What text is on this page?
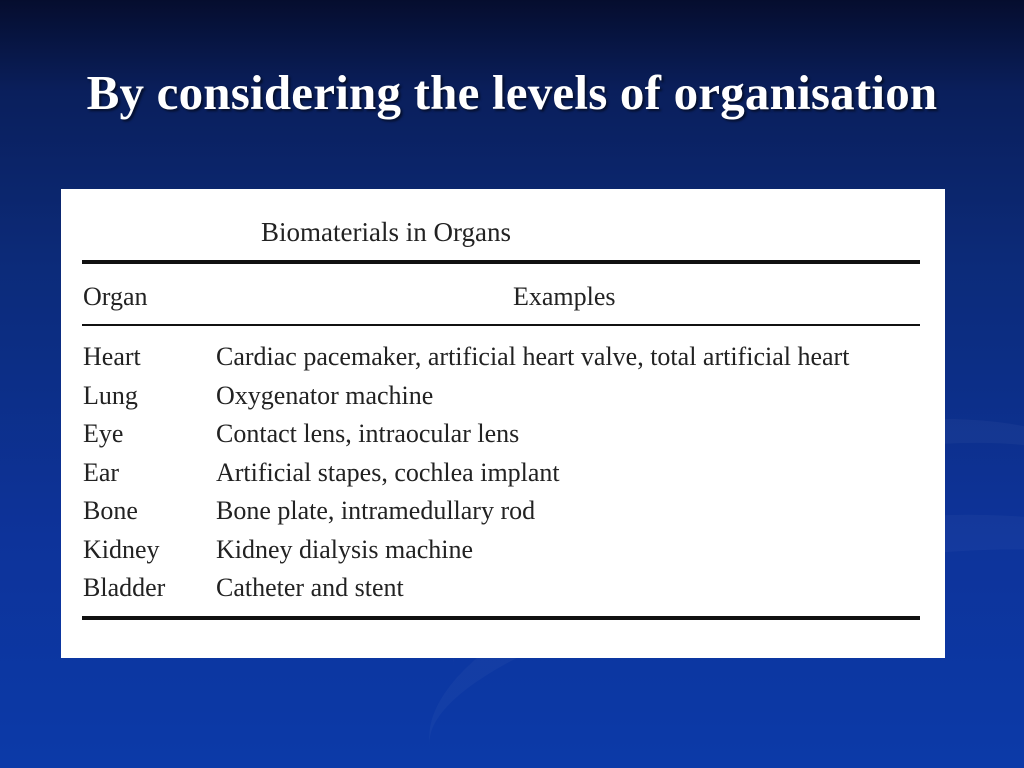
By considering the levels of organisation
Biomaterials in Organs
Organ	Examples
Heart	Cardiac pacemaker, artificial heart valve, total artificial heart
Lung	Oxygenator machine
Eye	Contact lens, intraocular lens
Ear	Artificial stapes, cochlea implant
Bone	Bone plate, intramedullary rod
Kidney Kidney dialysis machine
Bladder Catheter and stent
